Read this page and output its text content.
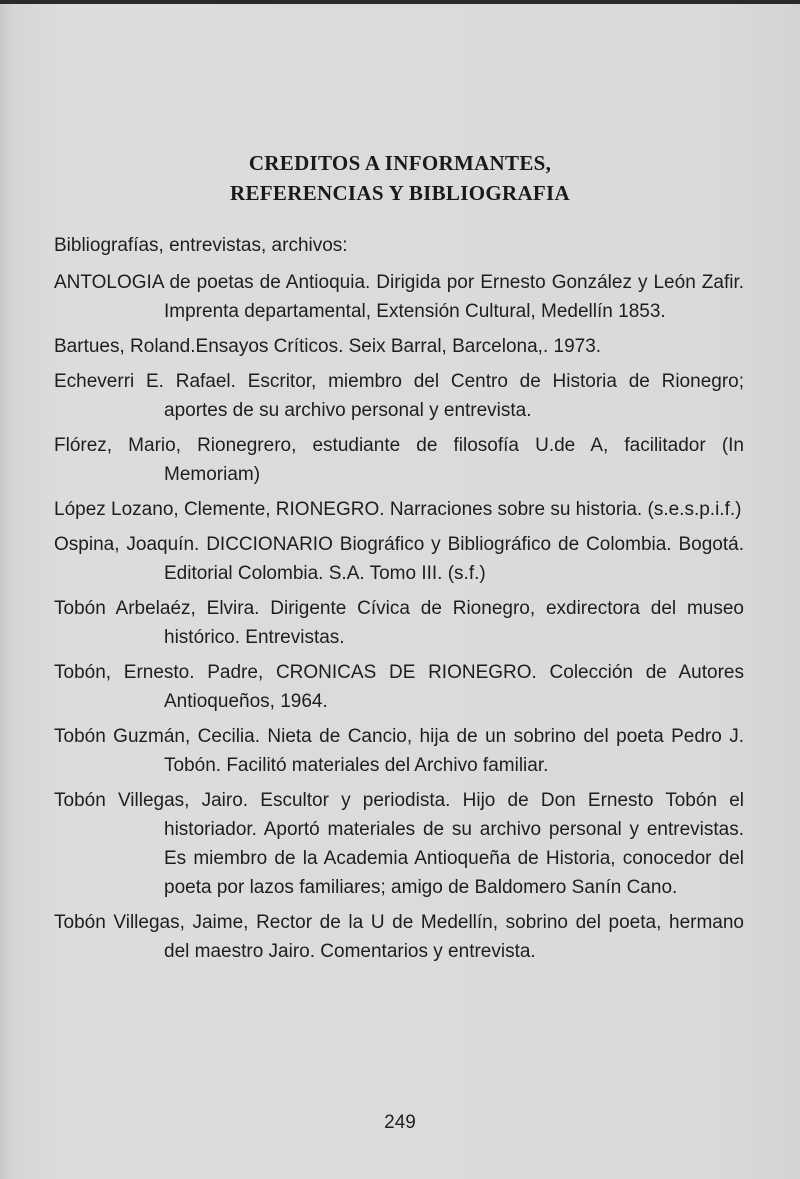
CREDITOS A INFORMANTES,
REFERENCIAS Y BIBLIOGRAFIA

Bibliografías, entrevistas, archivos:

ANTOLOGIA de poetas de Antioquia. Dirigida por Ernesto González y León Zafir. Imprenta departamental, Extensión Cultural, Medellín 1853.
Bartues, Roland.Ensayos Críticos. Seix Barral, Barcelona,. 1973.
Echeverri E. Rafael. Escritor, miembro del Centro de Historia de Rionegro; aportes de su archivo personal y entrevista.
Flórez, Mario, Rionegrero, estudiante de filosofía U.de A, facilitador (In Memoriam)
López Lozano, Clemente, RIONEGRO. Narraciones sobre su historia. (s.e.s.p.i.f.)
Ospina, Joaquín. DICCIONARIO Biográfico y Bibliográfico de Colombia. Bogotá. Editorial Colombia. S.A. Tomo III. (s.f.)
Tobón Arbelaéz, Elvira. Dirigente Cívica de Rionegro, exdirectora del museo histórico. Entrevistas.
Tobón, Ernesto. Padre, CRONICAS DE RIONEGRO. Colección de Autores Antioqueños, 1964.
Tobón Guzmán, Cecilia. Nieta de Cancio, hija de un sobrino del poeta Pedro J. Tobón. Facilitó materiales del Archivo familiar.
Tobón Villegas, Jairo. Escultor y periodista. Hijo de Don Ernesto Tobón el historiador. Aportó materiales de su archivo personal y entrevistas. Es miembro de la Academia Antioqueña de Historia, conocedor del poeta por lazos familiares; amigo de Baldomero Sanín Cano.
Tobón Villegas, Jaime, Rector de la U de Medellín, sobrino del poeta, hermano del maestro Jairo. Comentarios y entrevista.
249
